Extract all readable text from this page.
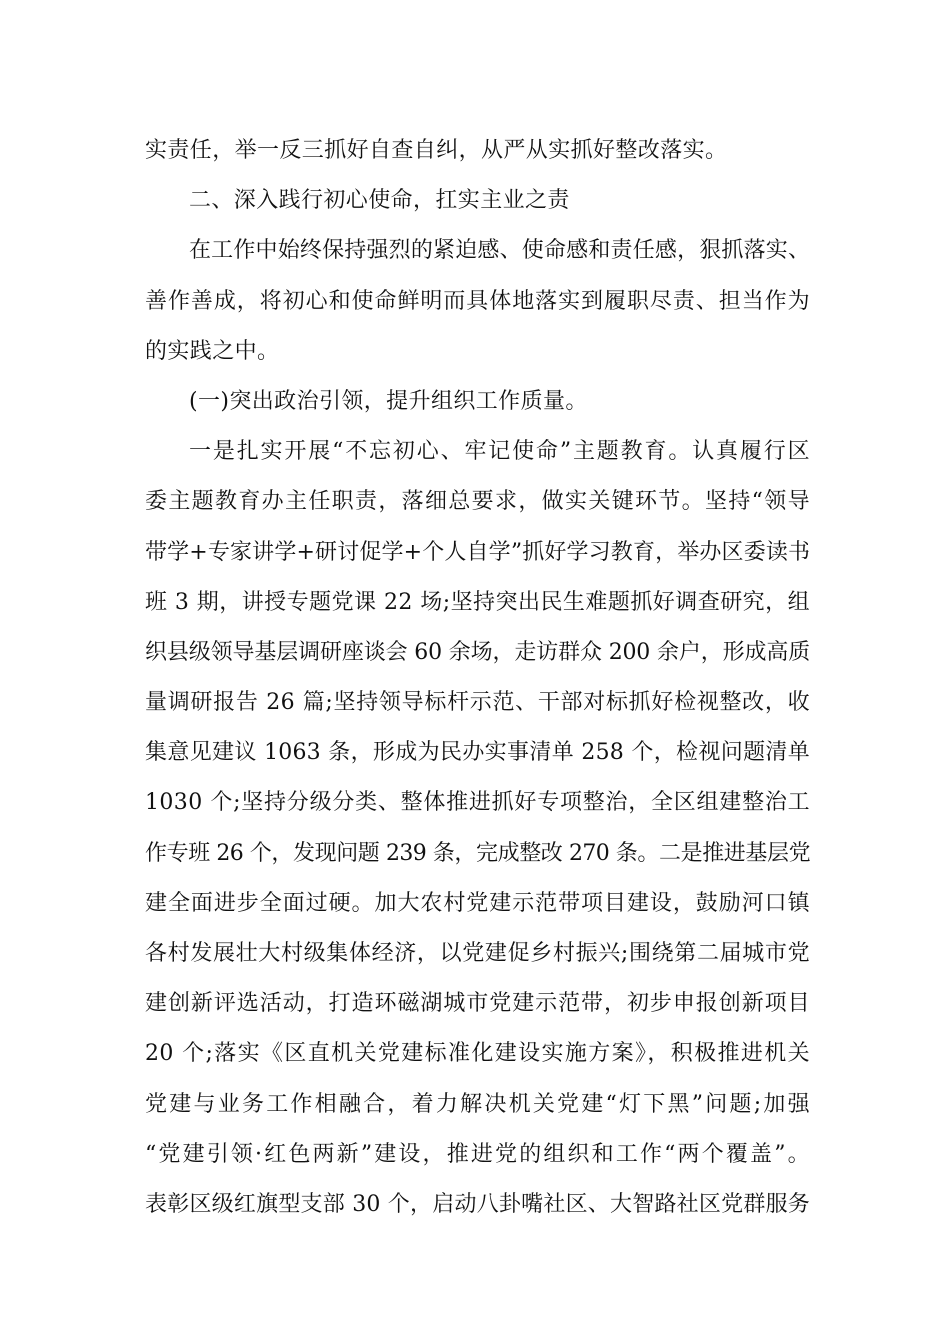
实责任，举一反三抓好自查自纠，从严从实抓好整改落实。
二、深入践行初心使命，扛实主业之责
在工作中始终保持强烈的紧迫感、使命感和责任感，狠抓落实、
善作善成，将初心和使命鲜明而具体地落实到履职尽责、担当作为
的实践之中。
(一)突出政治引领，提升组织工作质量。
一是扎实开展“不忘初心、牢记使命”主题教育。认真履行区
委主题教育办主任职责，落细总要求，做实关键环节。坚持“领导
带学+专家讲学+研讨促学+个人自学”抓好学习教育，举办区委读书
班 3 期，讲授专题党课 22 场;坚持突出民生难题抓好调查研究，组
织县级领导基层调研座谈会 60 余场，走访群众 200 余户，形成高质
量调研报告 26 篇;坚持领导标杆示范、干部对标抓好检视整改，收
集意见建议 1063 条，形成为民办实事清单 258 个，检视问题清单
1030 个;坚持分级分类、整体推进抓好专项整治，全区组建整治工
作专班 26 个，发现问题 239 条，完成整改 270 条。二是推进基层党
建全面进步全面过硬。加大农村党建示范带项目建设，鼓励河口镇
各村发展壮大村级集体经济，以党建促乡村振兴;围绕第二届城市党
建创新评选活动，打造环磁湖城市党建示范带，初步申报创新项目
20 个;落实《区直机关党建标准化建设实施方案》，积极推进机关
党建与业务工作相融合，着力解决机关党建“灯下黑”问题;加强
“党建引领·红色两新”建设，推进党的组织和工作“两个覆盖”。
表彰区级红旗型支部 30 个，启动八卦嘴社区、大智路社区党群服务
